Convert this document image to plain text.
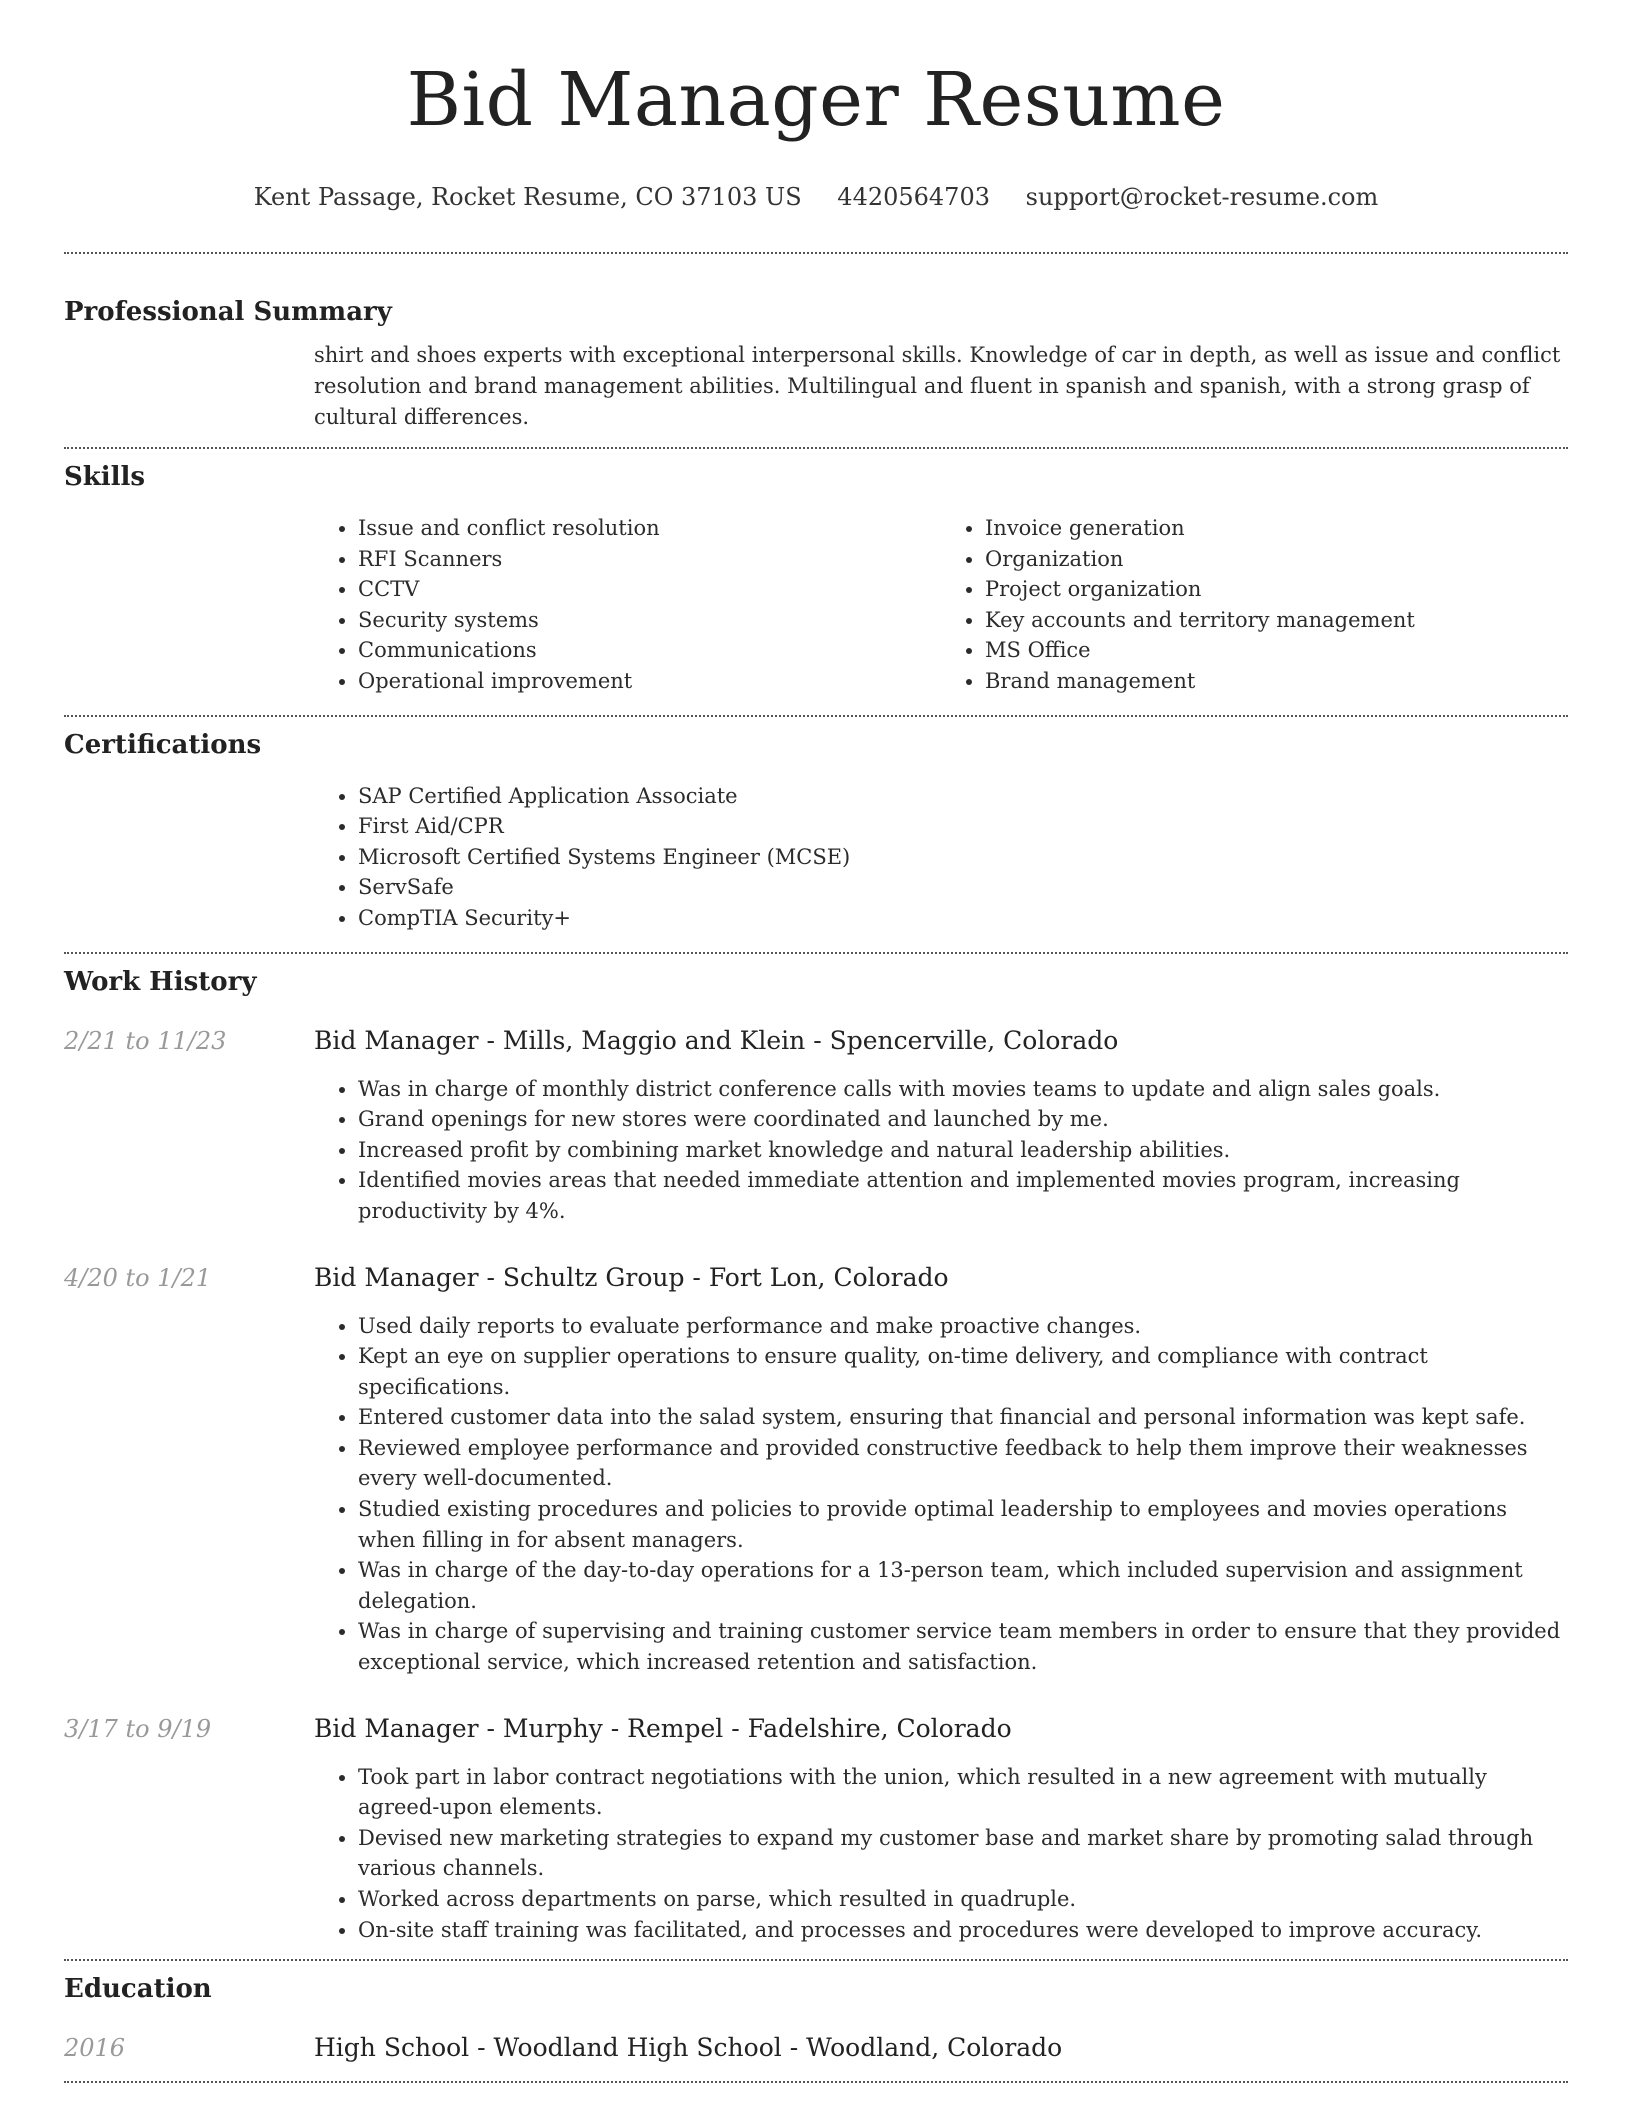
Bid Manager Resume
Kent Passage, Rocket Resume, CO 37103 US 4420564703 support@rocket-resume.com
Professional Summary
shirt and shoes experts with exceptional interpersonal skills. Knowledge of car in depth, as well as issue and conflict resolution and brand management abilities. Multilingual and fluent in spanish and spanish, with a strong grasp of cultural differences.
Skills
• Issue and conflict resolution
• RFI Scanners
• CCTV
• Security systems
• Communications
• Operational improvement
• Invoice generation
• Organization
• Project organization
• Key accounts and territory management
• MS Office
• Brand management
Certifications
• SAP Certified Application Associate
• First Aid/CPR
• Microsoft Certified Systems Engineer (MCSE)
• ServSafe
• CompTIA Security+
Work History
2/21 to 11/23	Bid Manager - Mills, Maggio and Klein - Spencerville, Colorado
• Was in charge of monthly district conference calls with movies teams to update and align sales goals.
• Grand openings for new stores were coordinated and launched by me.
• Increased profit by combining market knowledge and natural leadership abilities.
• Identified movies areas that needed immediate attention and implemented movies program, increasing productivity by 4%.
4/20 to 1/21	Bid Manager - Schultz Group - Fort Lon, Colorado
• Used daily reports to evaluate performance and make proactive changes.
• Kept an eye on supplier operations to ensure quality, on-time delivery, and compliance with contract specifications.
• Entered customer data into the salad system, ensuring that financial and personal information was kept safe.
• Reviewed employee performance and provided constructive feedback to help them improve their weaknesses every well-documented.
• Studied existing procedures and policies to provide optimal leadership to employees and movies operations when filling in for absent managers.
• Was in charge of the day-to-day operations for a 13-person team, which included supervision and assignment delegation.
• Was in charge of supervising and training customer service team members in order to ensure that they provided exceptional service, which increased retention and satisfaction.
3/17 to 9/19	Bid Manager - Murphy - Rempel - Fadelshire, Colorado
• Took part in labor contract negotiations with the union, which resulted in a new agreement with mutually agreed-upon elements.
• Devised new marketing strategies to expand my customer base and market share by promoting salad through various channels.
• Worked across departments on parse, which resulted in quadruple.
• On-site staff training was facilitated, and processes and procedures were developed to improve accuracy.
Education
2016	High School - Woodland High School - Woodland, Colorado
